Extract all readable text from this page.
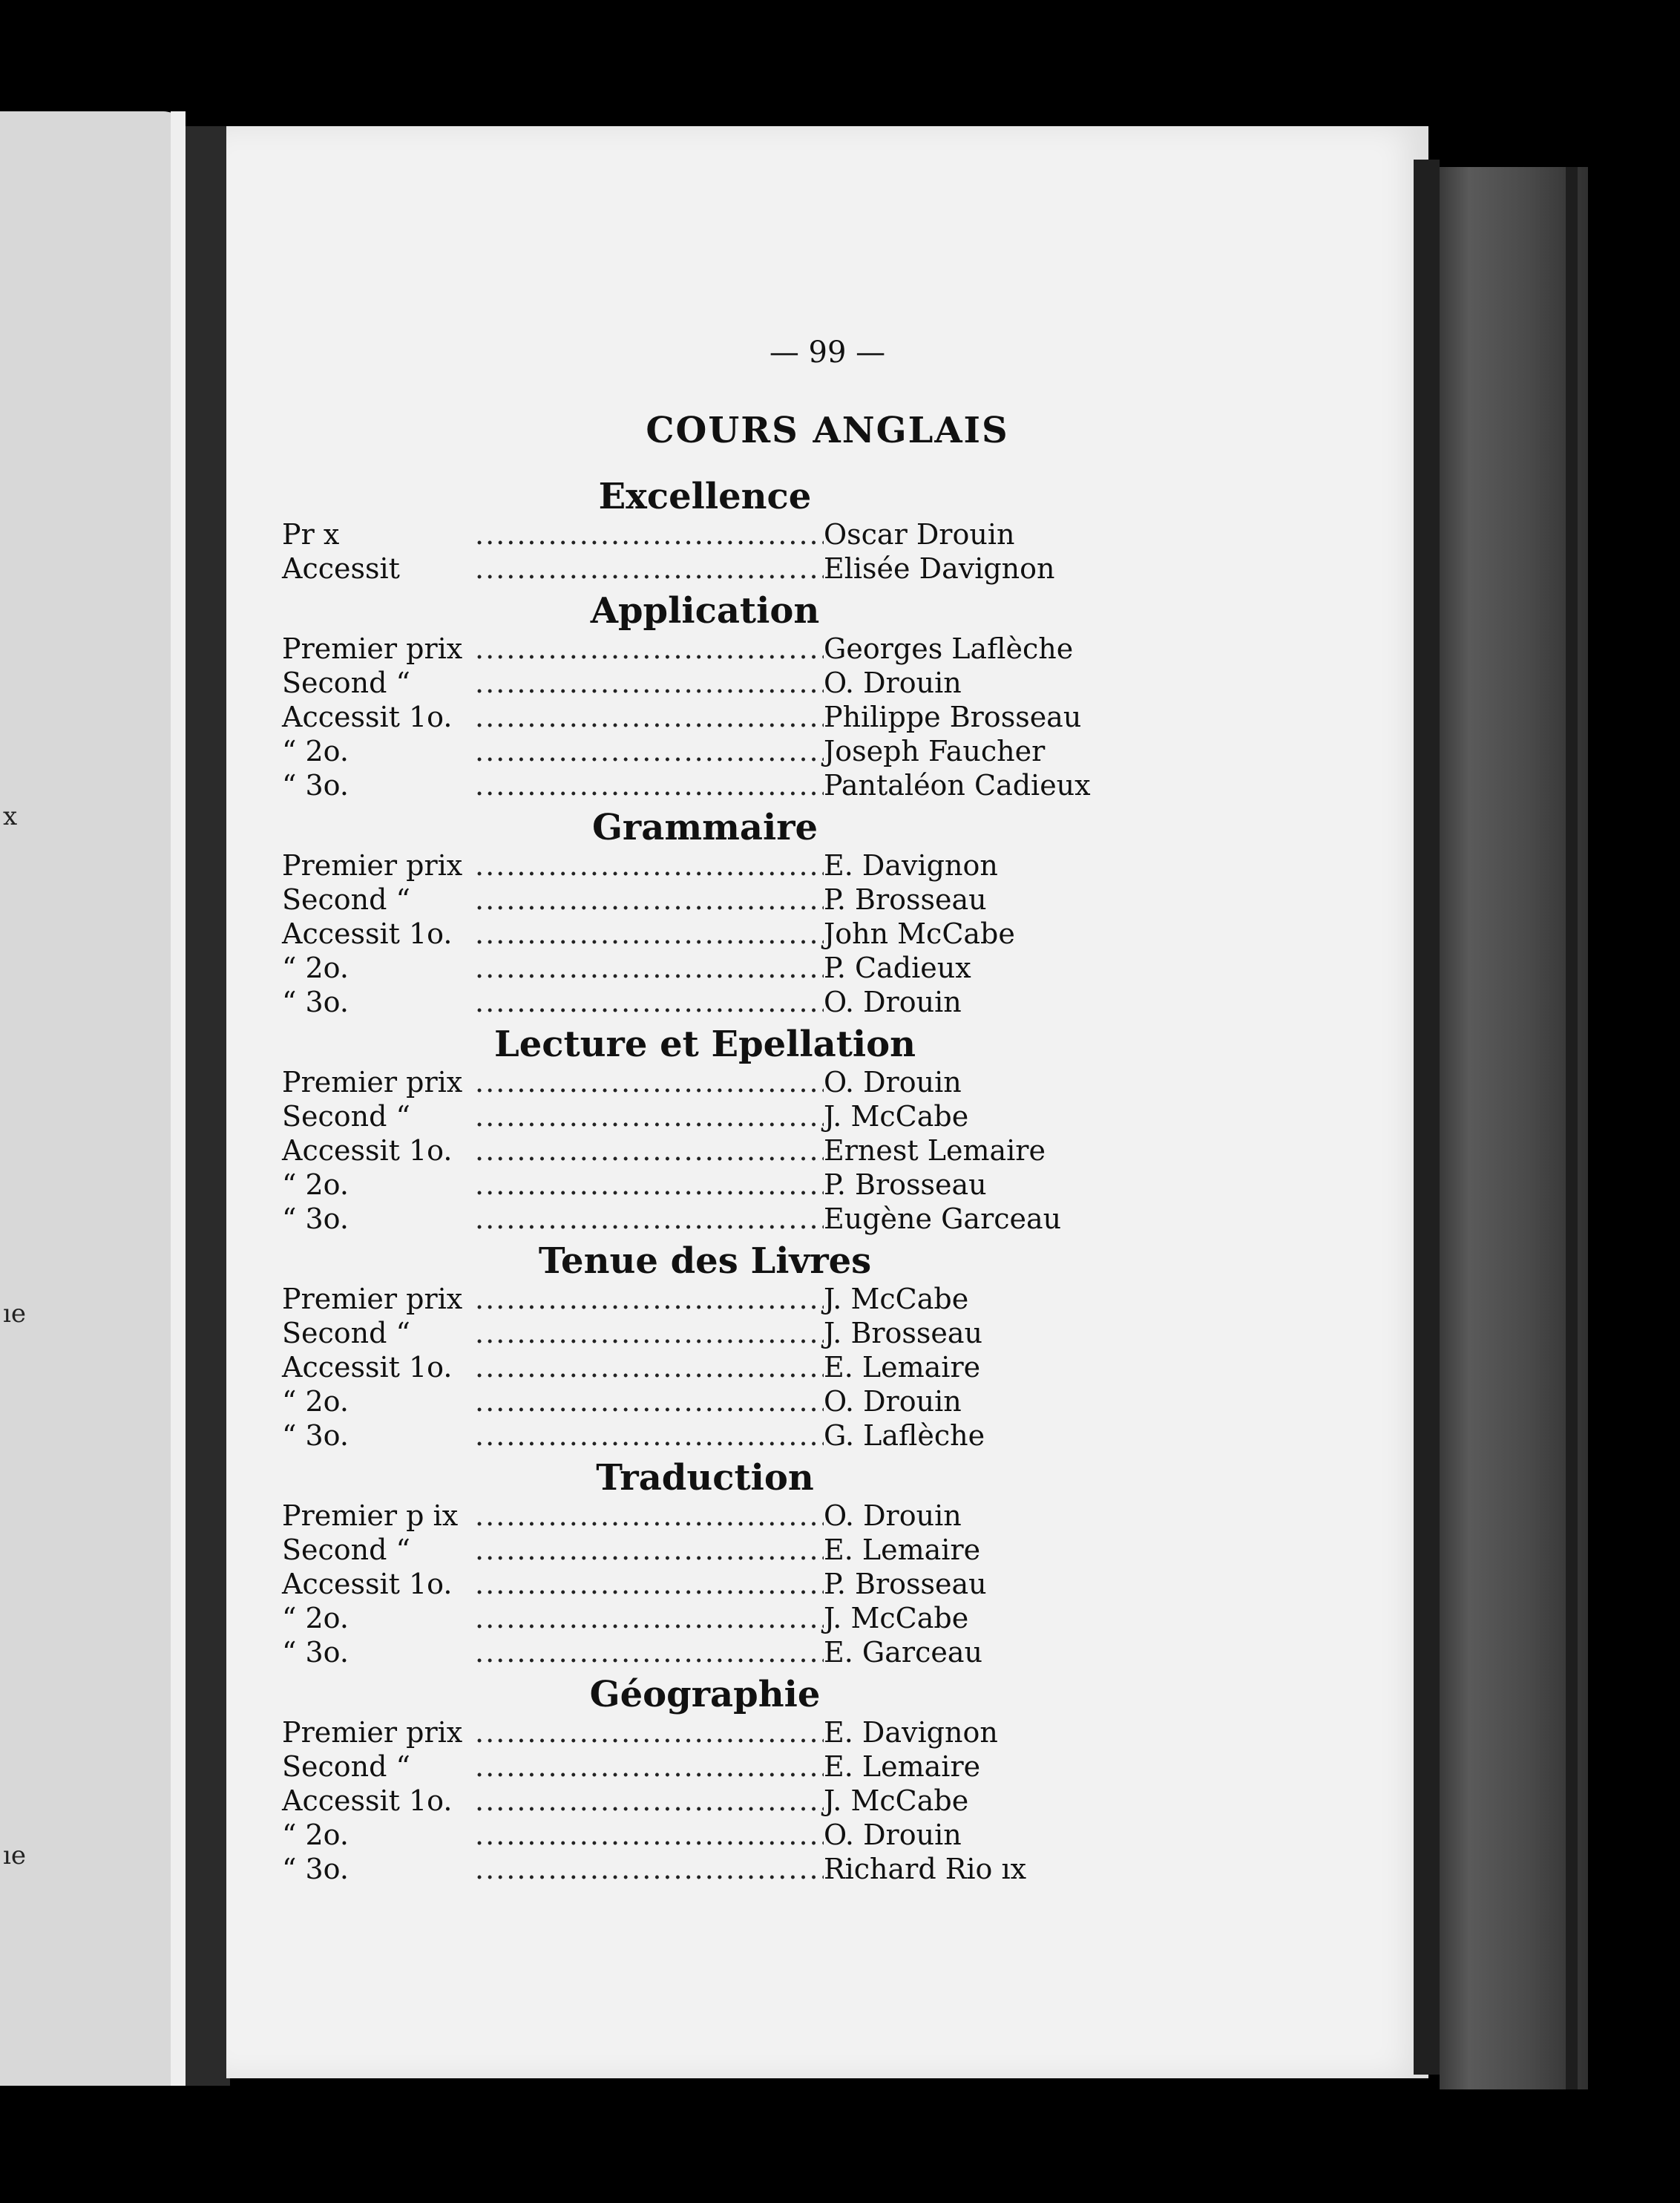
x
ıe
ıe
— 99 —
COURS ANGLAIS
Excellence
Pr x .....	Oscar Drouin
Accessit .....	Elisée Davignon
Application
Premier prix .....	Georges Laflèche
Second “ .....	O. Drouin
Accessit 1o. .....	Philippe Brosseau
“ 2o. .....	Joseph Faucher
“ 3o. .....	Pantaléon Cadieux
Grammaire
Premier prix .....	E. Davignon
Second “ .....	P. Brosseau
Accessit 1o. .....	John McCabe
“ 2o. .....	P. Cadieux
“ 3o. .....	O. Drouin
Lecture et Epellation
Premier prix .....	O. Drouin
Second “ .....	J. McCabe
Accessit 1o. .....	Ernest Lemaire
“ 2o. .....	P. Brosseau
“ 3o. .....	Eugène Garceau
Tenue des Livres
Premier prix .....	J. McCabe
Second “ .....	J. Brosseau
Accessit 1o. .....	E. Lemaire
“ 2o. .....	O. Drouin
“ 3o. .....	G. Laflèche
Traduction
Premier p ix .....	O. Drouin
Second “ .....	E. Lemaire
Accessit 1o. .....	P. Brosseau
“ 2o. .....	J. McCabe
“ 3o. .....	E. Garceau
Géographie
Premier prix .....	E. Davignon
Second “ .....	E. Lemaire
Accessit 1o. .....	J. McCabe
“ 2o. .....	O. Drouin
“ 3o. .....	Richard Rio ıx
